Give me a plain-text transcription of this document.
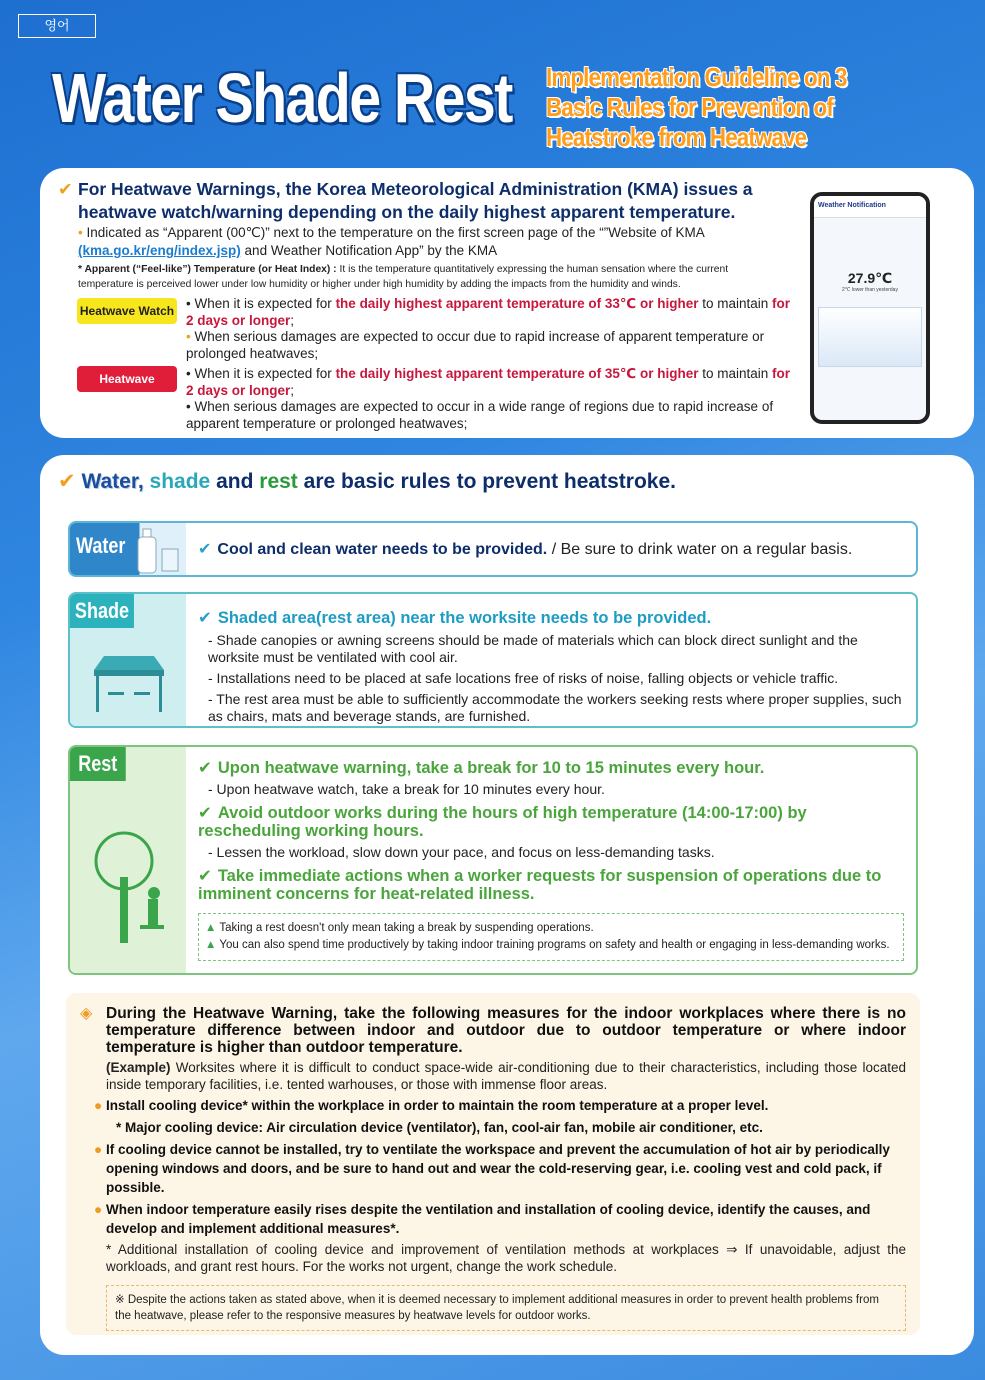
영어
Water Shade Rest Implementation Guideline on 3 Basic Rules for Prevention of Heatstroke from Heatwave
✔ For Heatwave Warnings, the Korea Meteorological Administration (KMA) issues a heatwave watch/warning depending on the daily highest apparent temperature.
• Indicated as “Apparent (00℃)” next to the temperature on the first screen page of the “”Website of KMA (kma.go.kr/eng/index.jsp) and Weather Notification App” by the KMA
* Apparent (“Feel-like”) Temperature (or Heat Index) : It is the temperature quantitatively expressing the human sensation where the current temperature is perceived lower under low humidity or higher under high humidity by adding the impacts from the humidity and winds.
Heatwave Watch • When it is expected for the daily highest apparent temperature of 33℃ or higher to maintain for 2 days or longer;
• When serious damages are expected to occur due to rapid increase of apparent temperature or prolonged heatwaves;
Heatwave Warning
• When it is expected for the daily highest apparent temperature of 35℃ or higher to maintain for 2 days or longer;
• When serious damages are expected to occur in a wide range of regions due to rapid increase of apparent temperature or prolonged heatwaves;
Weather Notification
27.9℃
2℃ lower than yesterday
✔ Water, shade and rest are basic rules to prevent heatstroke.
Water	✔ Cool and clean water needs to be provided. / Be sure to drink water on a regular basis.
Shade	✔ Shaded area(rest area) near the worksite needs to be provided.
- Shade canopies or awning screens should be made of materials which can block direct sunlight and the worksite must be ventilated with cool air.
- Installations need to be placed at safe locations free of risks of noise, falling objects or vehicle traffic.
- The rest area must be able to sufficiently accommodate the workers seeking rests where proper supplies, such as chairs, mats and beverage stands, are furnished.
Rest	✔ Upon heatwave warning, take a break for 10 to 15 minutes every hour.
- Upon heatwave watch, take a break for 10 minutes every hour.
✔ Avoid outdoor works during the hours of high temperature (14:00-17:00) by rescheduling working hours.
- Lessen the workload, slow down your pace, and focus on less-demanding tasks.
✔ Take immediate actions when a worker requests for suspension of operations due to imminent concerns for heat-related illness.
▲ Taking a rest doesn't only mean taking a break by suspending operations.
▲ You can also spend time productively by taking indoor training programs on safety and health or engaging in less-demanding works.
◈ During the Heatwave Warning, take the following measures for the indoor workplaces where there is no temperature difference between indoor and outdoor due to outdoor temperature or where indoor temperature is higher than outdoor temperature.

(Example) Worksites where it is difficult to conduct space-wide air-conditioning due to their characteristics, including those located inside temporary facilities, i.e. tented warhouses, or those with immense floor areas.

● Install cooling device* within the workplace in order to maintain the room temperature at a proper level.
* Major cooling device: Air circulation device (ventilator), fan, cool-air fan, mobile air conditioner, etc.
● If cooling device cannot be installed, try to ventilate the workspace and prevent the accumulation of hot air by periodically opening windows and doors, and be sure to hand out and wear the cold-reserving gear, i.e. cooling vest and cold pack, if possible.
● When indoor temperature easily rises despite the ventilation and installation of cooling device, identify the causes, and develop and implement additional measures*.

* Additional installation of cooling device and improvement of ventilation methods at workplaces ⇒ If unavoidable, adjust the workloads, and grant rest hours. For the works not urgent, change the work schedule.

※ Despite the actions taken as stated above, when it is deemed necessary to implement additional measures in order to prevent health problems from the heatwave, please refer to the responsive measures by heatwave levels for outdoor works.
